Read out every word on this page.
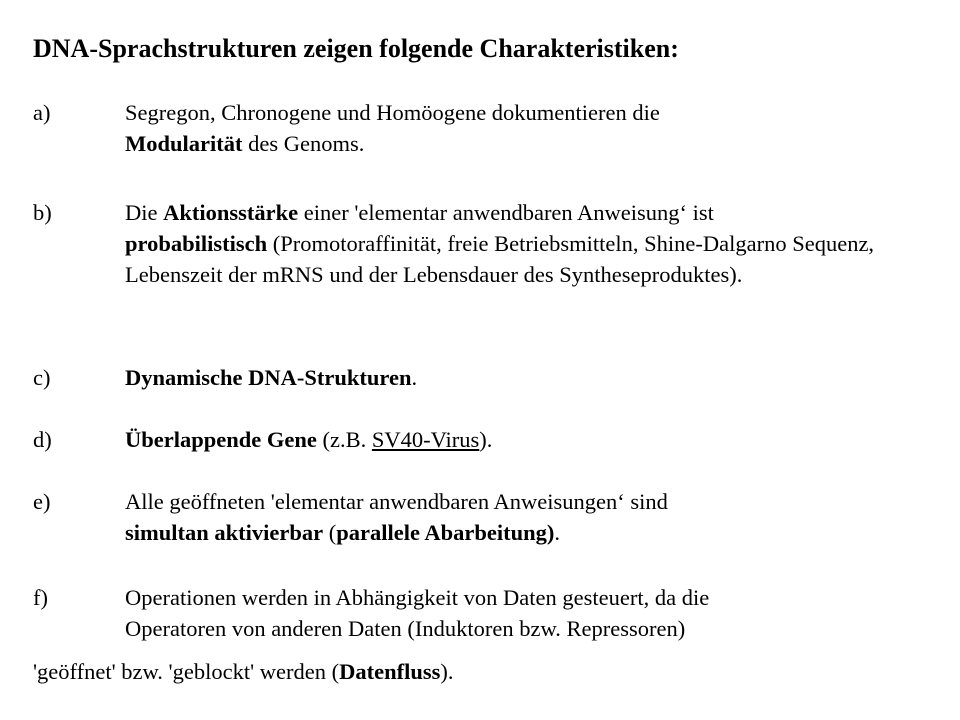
DNA-Sprachstrukturen zeigen folgende Charakteristiken:
a)	Segregon, Chronogene und Homöogene dokumentieren die
Modularität des Genoms.
b)	Die Aktionsstärke einer 'elementar anwendbaren Anweisung‘ ist
probabilistisch (Promotoraffinität, freie Betriebsmitteln, Shine-Dalgarno Sequenz, Lebenszeit der mRNS und der Lebensdauer des Syntheseproduktes).
c)	Dynamische DNA-Strukturen.
d)	Überlappende Gene (z.B. SV40-Virus).
e)	Alle geöffneten 'elementar anwendbaren Anweisungen‘ sind
simultan aktivierbar (parallele Abarbeitung).
f)	Operationen werden in Abhängigkeit von Daten gesteuert, da die
Operatoren von anderen Daten (Induktoren bzw. Repressoren)
'geöffnet' bzw. 'geblockt' werden (Datenfluss).
